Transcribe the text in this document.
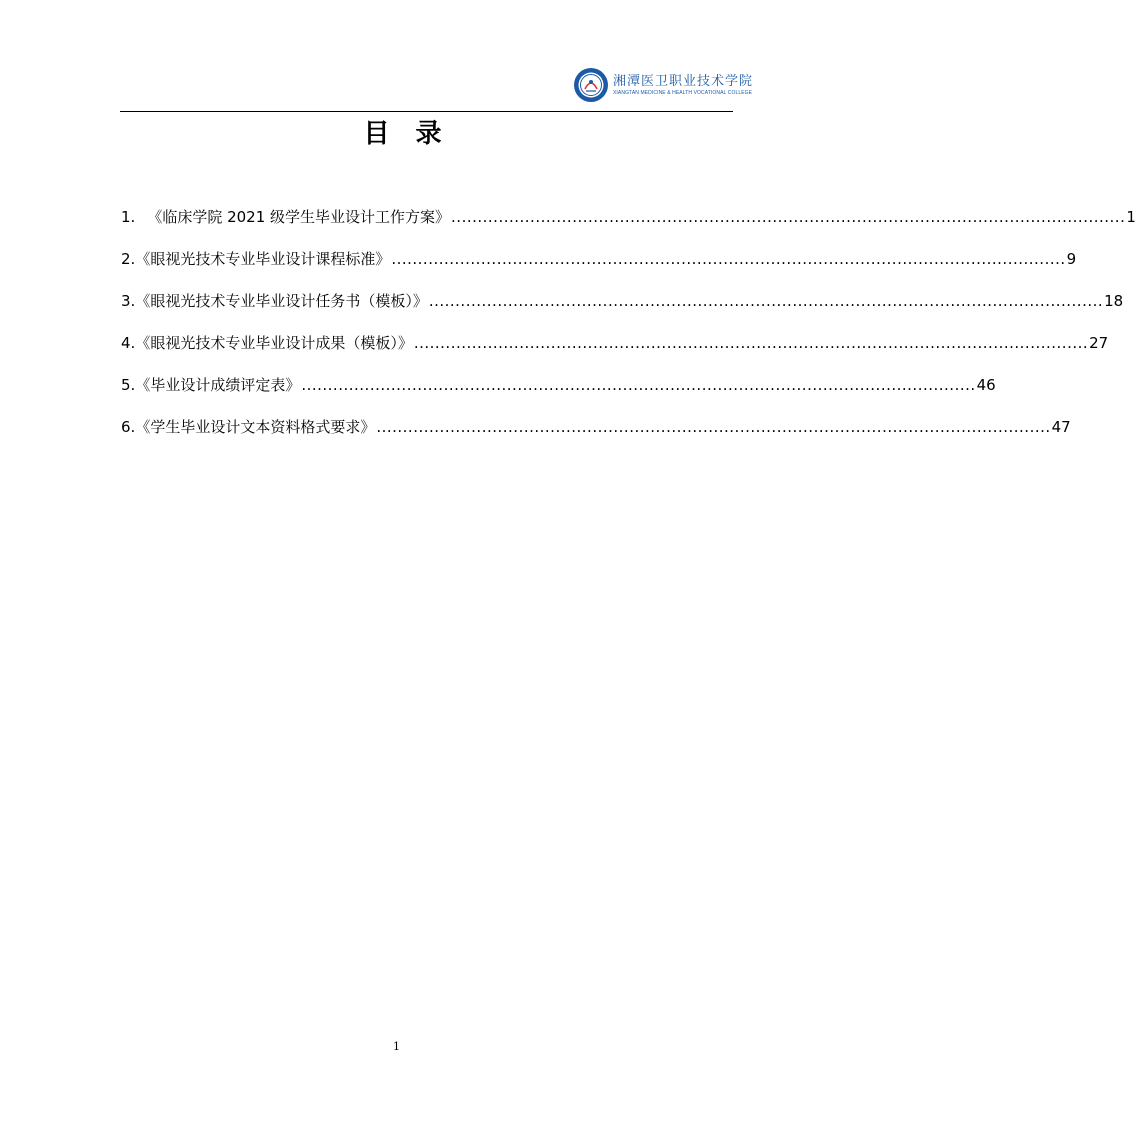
湘潭医卫职业技术学院
XIANGTAN MEDICINE & HEALTH VOCATIONAL COLLEGE
目录
1. 《临床学院 2021 级学生毕业设计工作方案》 ................................................................................................................................ 1
2. 《眼视光技术专业毕业设计课程标准》 ................................................................................................................................ 9
3. 《眼视光技术专业毕业设计任务书（模板）》 ................................................................................................................................ 18
4. 《眼视光技术专业毕业设计成果（模板）》 ................................................................................................................................ 27
5. 《毕业设计成绩评定表》 ................................................................................................................................ 46
6. 《学生毕业设计文本资料格式要求》 ................................................................................................................................ 47
1
